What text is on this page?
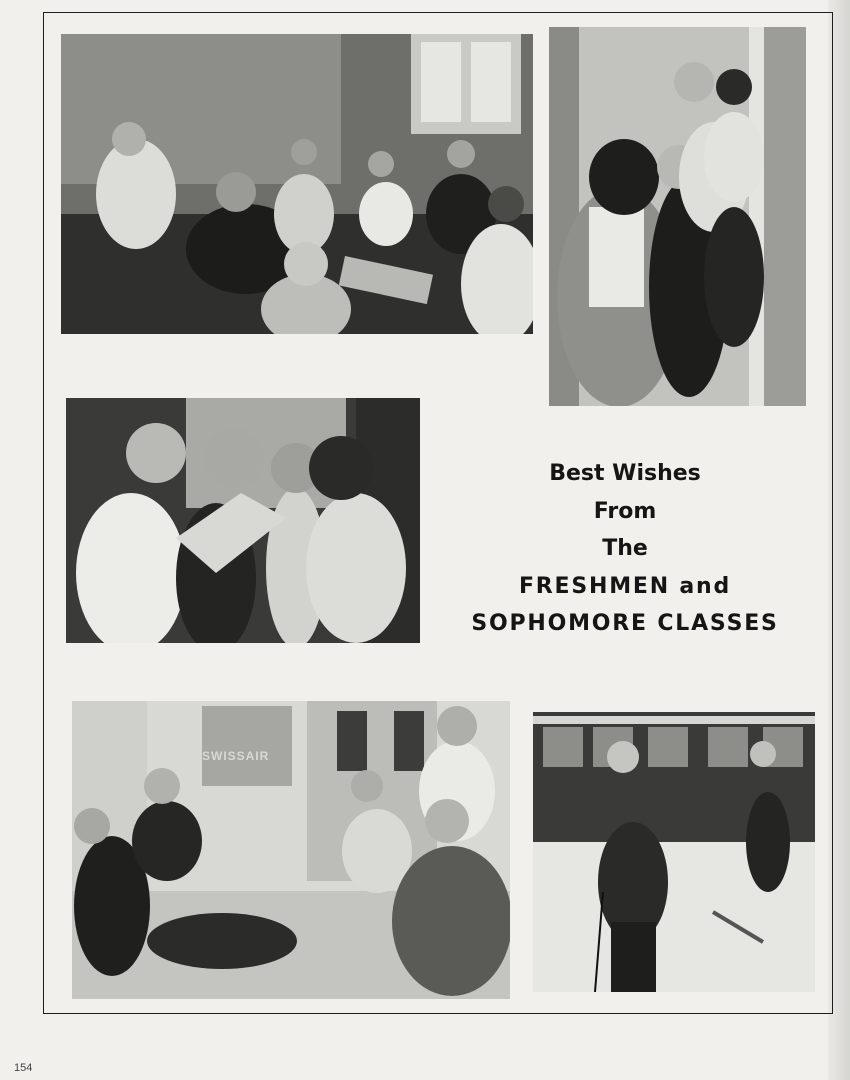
SWISSAIR
Best Wishes
From
The
FRESHMEN and
SOPHOMORE CLASSES
154
